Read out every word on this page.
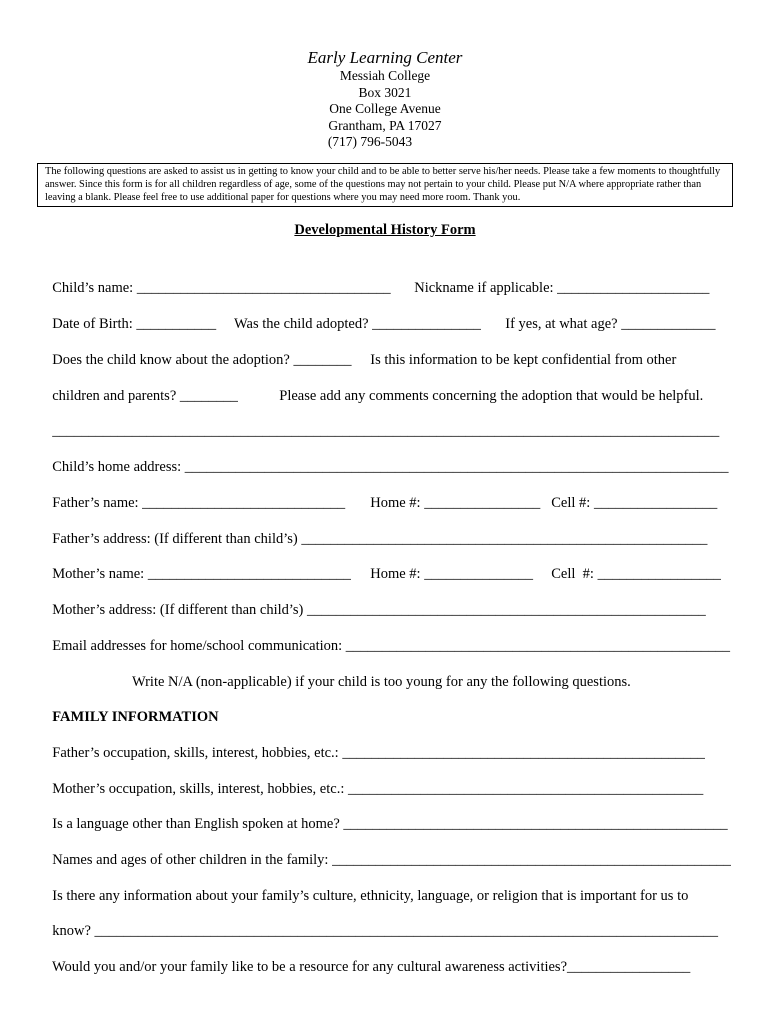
Early Learning Center
Messiah College
Box 3021
One College Avenue
Grantham, PA 17027
(717) 796-5043
The following questions are asked to assist us in getting to know your child and to be able to better serve his/her needs. Please take a few moments to thoughtfully answer. Since this form is for all children regardless of age, some of the questions may not pertain to your child. Please put N/A where appropriate rather than leaving a blank. Please feel free to use additional paper for questions where you may need more room. Thank you.
Developmental History Form

Child’s name: ___________________________________	Nickname if applicable: _____________________

Date of Birth: ___________	Was the child adopted? _______________	If yes, at what age? _____________

Does the child know about the adoption? ________	Is this information to be kept confidential from other

children and parents? ________	Please add any comments concerning the adoption that would be helpful.

____________________________________________________________________________________________

Child’s home address: ___________________________________________________________________________

Father’s name: ____________________________	Home #: ________________ Cell #: _________________

Father’s address: (If different than child’s) ________________________________________________________

Mother’s name: ____________________________	Home #: _______________	Cell  #: _________________

Mother’s address: (If different than child’s) _______________________________________________________

Email addresses for home/school communication: _____________________________________________________

Write N/A (non-applicable) if your child is too young for any the following questions.

FAMILY INFORMATION

Father’s occupation, skills, interest, hobbies, etc.: __________________________________________________

Mother’s occupation, skills, interest, hobbies, etc.: _________________________________________________

Is a language other than English spoken at home? _____________________________________________________

Names and ages of other children in the family: _______________________________________________________

Is there any information about your family’s culture, ethnicity, language, or religion that is important for us to

know? ______________________________________________________________________________________

Would you and/or your family like to be a resource for any cultural awareness activities?_________________
